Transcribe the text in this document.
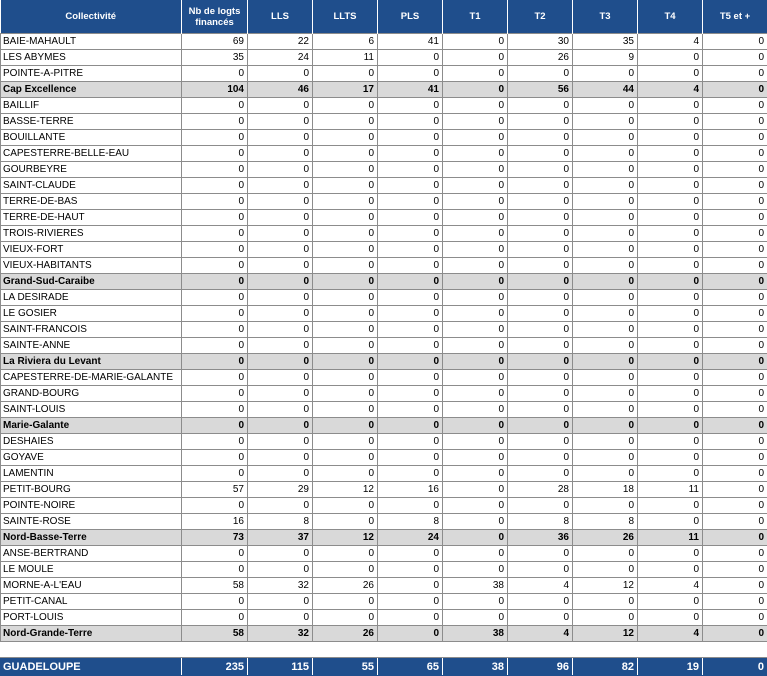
Collectivité	Nb de logts financés	LLS	LLTS	PLS	T1	T2	T3	T4	T5 et +
BAIE-MAHAULT	69	22	6	41	0	30	35	4	0
LES ABYMES	35	24	11	0	0	26	9	0	0
POINTE-A-PITRE	0	0	0	0	0	0	0	0	0
Cap Excellence	104	46	17	41	0	56	44	4	0
BAILLIF	0	0	0	0	0	0	0	0	0
BASSE-TERRE	0	0	0	0	0	0	0	0	0
BOUILLANTE	0	0	0	0	0	0	0	0	0
CAPESTERRE-BELLE-EAU	0	0	0	0	0	0	0	0	0
GOURBEYRE	0	0	0	0	0	0	0	0	0
SAINT-CLAUDE	0	0	0	0	0	0	0	0	0
TERRE-DE-BAS	0	0	0	0	0	0	0	0	0
TERRE-DE-HAUT	0	0	0	0	0	0	0	0	0
TROIS-RIVIERES	0	0	0	0	0	0	0	0	0
VIEUX-FORT	0	0	0	0	0	0	0	0	0
VIEUX-HABITANTS	0	0	0	0	0	0	0	0	0
Grand-Sud-Caraibe	0	0	0	0	0	0	0	0	0
LA DESIRADE	0	0	0	0	0	0	0	0	0
LE GOSIER	0	0	0	0	0	0	0	0	0
SAINT-FRANCOIS	0	0	0	0	0	0	0	0	0
SAINTE-ANNE	0	0	0	0	0	0	0	0	0
La Riviera du Levant	0	0	0	0	0	0	0	0	0
CAPESTERRE-DE-MARIE-GALANTE	0	0	0	0	0	0	0	0	0
GRAND-BOURG	0	0	0	0	0	0	0	0	0
SAINT-LOUIS	0	0	0	0	0	0	0	0	0
Marie-Galante	0	0	0	0	0	0	0	0	0
DESHAIES	0	0	0	0	0	0	0	0	0
GOYAVE	0	0	0	0	0	0	0	0	0
LAMENTIN	0	0	0	0	0	0	0	0	0
PETIT-BOURG	57	29	12	16	0	28	18	11	0
POINTE-NOIRE	0	0	0	0	0	0	0	0	0
SAINTE-ROSE	16	8	0	8	0	8	8	0	0
Nord-Basse-Terre	73	37	12	24	0	36	26	11	0
ANSE-BERTRAND	0	0	0	0	0	0	0	0	0
LE MOULE	0	0	0	0	0	0	0	0	0
MORNE-A-L'EAU	58	32	26	0	38	4	12	4	0
PETIT-CANAL	0	0	0	0	0	0	0	0	0
PORT-LOUIS	0	0	0	0	0	0	0	0	0
Nord-Grande-Terre	58	32	26	0	38	4	12	4	0

GUADELOUPE	235	115	55	65	38	96	82	19	0
